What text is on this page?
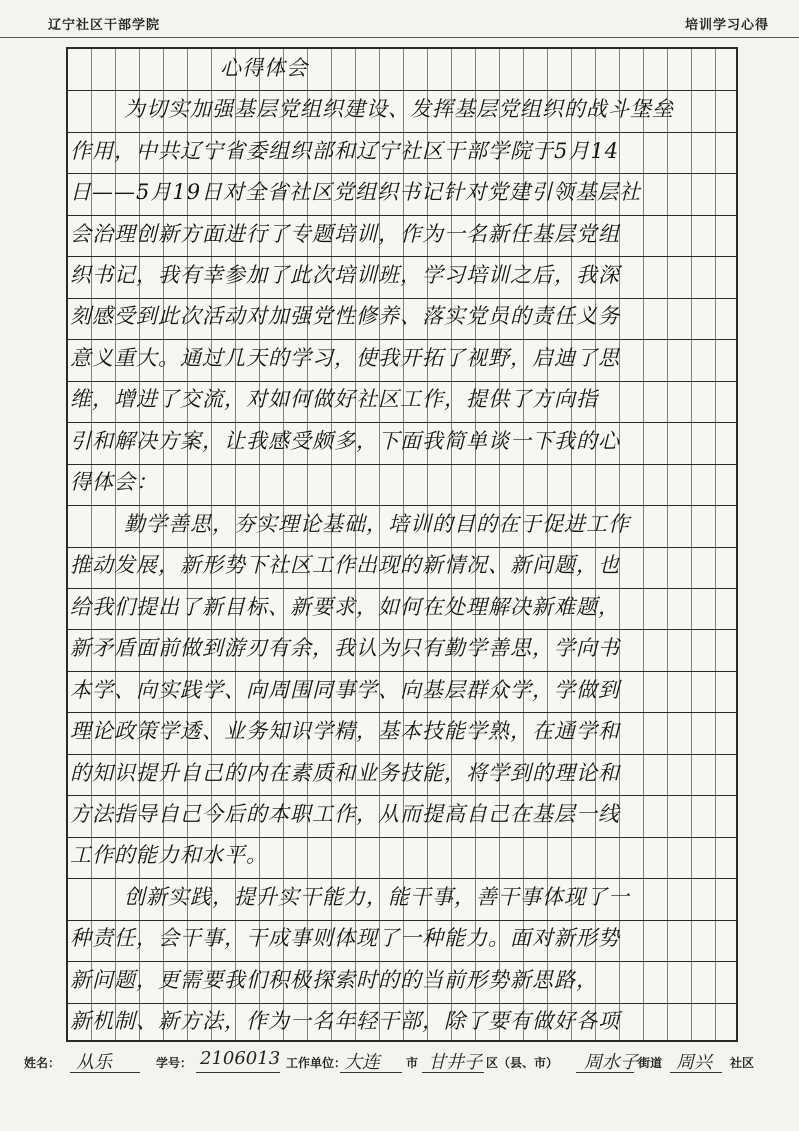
辽宁社区干部学院	培训学习心得
心得体会
为切实加强基层党组织建设、发挥基层党组织的战斗堡垒
作用，中共辽宁省委组织部和辽宁社区干部学院于5月14
日——5月19日对全省社区党组织书记针对党建引领基层社
会治理创新方面进行了专题培训，作为一名新任基层党组
织书记，我有幸参加了此次培训班，学习培训之后，我深
刻感受到此次活动对加强党性修养、落实党员的责任义务
意义重大。通过几天的学习，使我开拓了视野，启迪了思
维，增进了交流，对如何做好社区工作，提供了方向指
引和解决方案，让我感受颇多，下面我简单谈一下我的心
得体会：
勤学善思，夯实理论基础，培训的目的在于促进工作
推动发展，新形势下社区工作出现的新情况、新问题，也
给我们提出了新目标、新要求，如何在处理解决新难题，
新矛盾面前做到游刃有余，我认为只有勤学善思，学向书
本学、向实践学、向周围同事学、向基层群众学，学做到
理论政策学透、业务知识学精，基本技能学熟，在通学和
的知识提升自己的内在素质和业务技能，将学到的理论和
方法指导自己今后的本职工作，从而提高自己在基层一线
工作的能力和水平。
创新实践，提升实干能力，能干事，善干事体现了一
种责任，会干事，干成事则体现了一种能力。面对新形势
新问题，更需要我们积极探索时的的当前形势新思路，
新机制、新方法，作为一名年轻干部，除了要有做好各项
姓名： 从乐	学号： 2106013 工作单位：
大连 市 甘井子 区（县、市） 周水子 街道 周兴 社区
